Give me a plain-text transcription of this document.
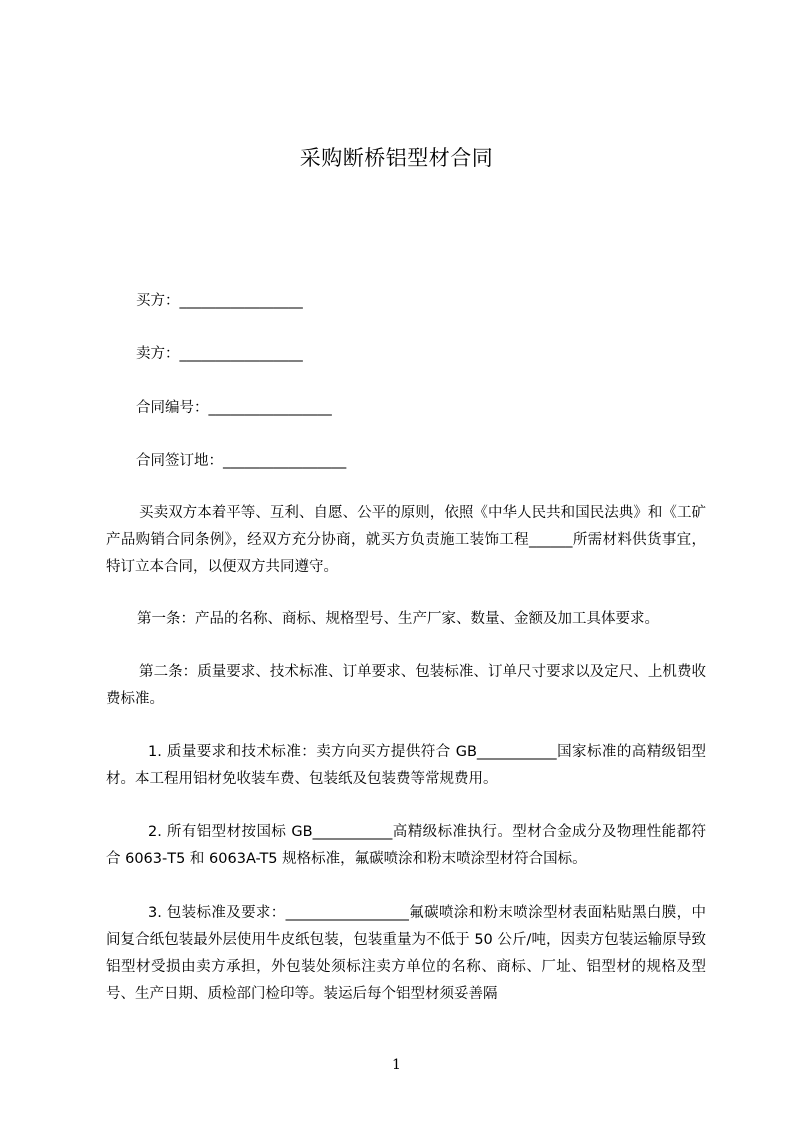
采购断桥铝型材合同
买方：_________________
卖方：_________________
合同编号：_________________
合同签订地：_________________
买卖双方本着平等、互利、自愿、公平的原则，依照《中华人民共和国民法典》和《工矿产品购销合同条例》，经双方充分协商，就买方负责施工装饰工程______所需材料供货事宜，特订立本合同，以便双方共同遵守。
第一条：产品的名称、商标、规格型号、生产厂家、数量、金额及加工具体要求。
第二条：质量要求、技术标准、订单要求、包装标准、订单尺寸要求以及定尺、上机费收费标准。
1. 质量要求和技术标准：卖方向买方提供符合 GB___________国家标准的高精级铝型材。本工程用铝材免收装车费、包装纸及包装费等常规费用。
2. 所有铝型材按国标 GB___________高精级标准执行。型材合金成分及物理性能都符合 6063-T5 和 6063A-T5 规格标准，氟碳喷涂和粉末喷涂型材符合国标。
3. 包装标准及要求：_________________氟碳喷涂和粉末喷涂型材表面粘贴黑白膜，中间复合纸包装最外层使用牛皮纸包装，包装重量为不低于 50 公斤/吨，因卖方包装运输原导致铝型材受损由卖方承担，外包装处须标注卖方单位的名称、商标、厂址、铝型材的规格及型号、生产日期、质检部门检印等。装运后每个铝型材须妥善隔
1
